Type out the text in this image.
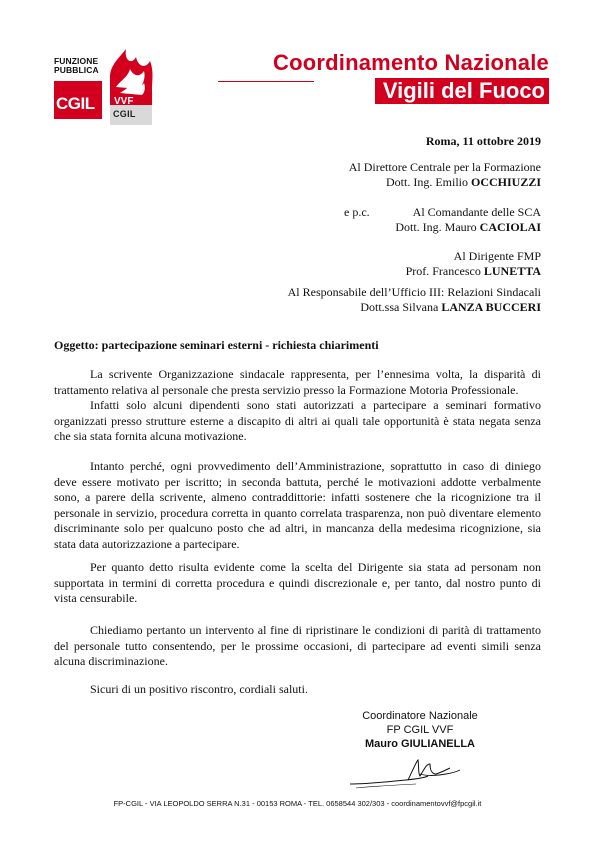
FUNZIONE
PUBBLICA
CGIL VVF
CGIL
Coordinamento Nazionale
Vigili del Fuoco
Roma, 11 ottobre 2019
Al Direttore Centrale per la Formazione
Dott. Ing. Emilio OCCHIUZZI
e p.c.	Al Comandante delle SCA
Dott. Ing. Mauro CACIOLAI
Al Dirigente FMP
Prof. Francesco LUNETTA
Al Responsabile dell’Ufficio III: Relazioni Sindacali
Dott.ssa Silvana LANZA BUCCERI
Oggetto: partecipazione seminari esterni - richiesta chiarimenti

La scrivente Organizzazione sindacale rappresenta, per l’ennesima volta, la disparità di trattamento relativa al personale che presta servizio presso la Formazione Motoria Professionale.

Infatti solo alcuni dipendenti sono stati autorizzati a partecipare a seminari formativo organizzati presso strutture esterne a discapito di altri ai quali tale opportunità è stata negata senza che sia stata fornita alcuna motivazione.

Intanto perché, ogni provvedimento dell’Amministrazione, soprattutto in caso di diniego deve essere motivato per iscritto; in seconda battuta, perché le motivazioni addotte verbalmente sono, a parere della scrivente, almeno contraddittorie: infatti sostenere che la ricognizione tra il personale in servizio, procedura corretta in quanto correlata trasparenza, non può diventare elemento discriminante solo per qualcuno posto che ad altri, in mancanza della medesima ricognizione, sia stata data autorizzazione a partecipare.

Per quanto detto risulta evidente come la scelta del Dirigente sia stata ad personam non supportata in termini di corretta procedura e quindi discrezionale e, per tanto, dal nostro punto di vista censurabile.

Chiediamo pertanto un intervento al fine di ripristinare le condizioni di parità di trattamento del personale tutto consentendo, per le prossime occasioni, di partecipare ad eventi simili senza alcuna discriminazione.

Sicuri di un positivo riscontro, cordiali saluti.

Coordinatore Nazionale
FP CGIL VVF
Mauro GIULIANELLA
FP-CGIL - VIA LEOPOLDO SERRA N.31 - 00153 ROMA - TEL. 0658544 302/303 - coordinamentovvf@fpcgil.it
